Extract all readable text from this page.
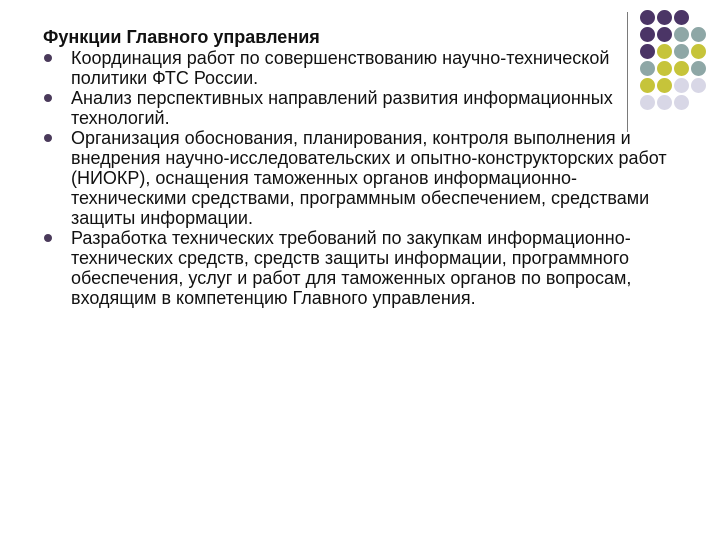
Функции Главного управления

Координация работ по совершенствованию научно-технической политики ФТС России.
Анализ перспективных направлений развития информационных технологий.
Организация обоснования, планирования, контроля выполнения и внедрения научно-исследовательских и опытно-конструкторских работ (НИОКР), оснащения таможенных органов информационно-техническими средствами, программным обеспечением, средствами защиты информации.
Разработка технических требований по закупкам информационно-технических средств, средств защиты информации, программного обеспечения, услуг и работ для таможенных органов по вопросам, входящим в компетенцию Главного управления.
